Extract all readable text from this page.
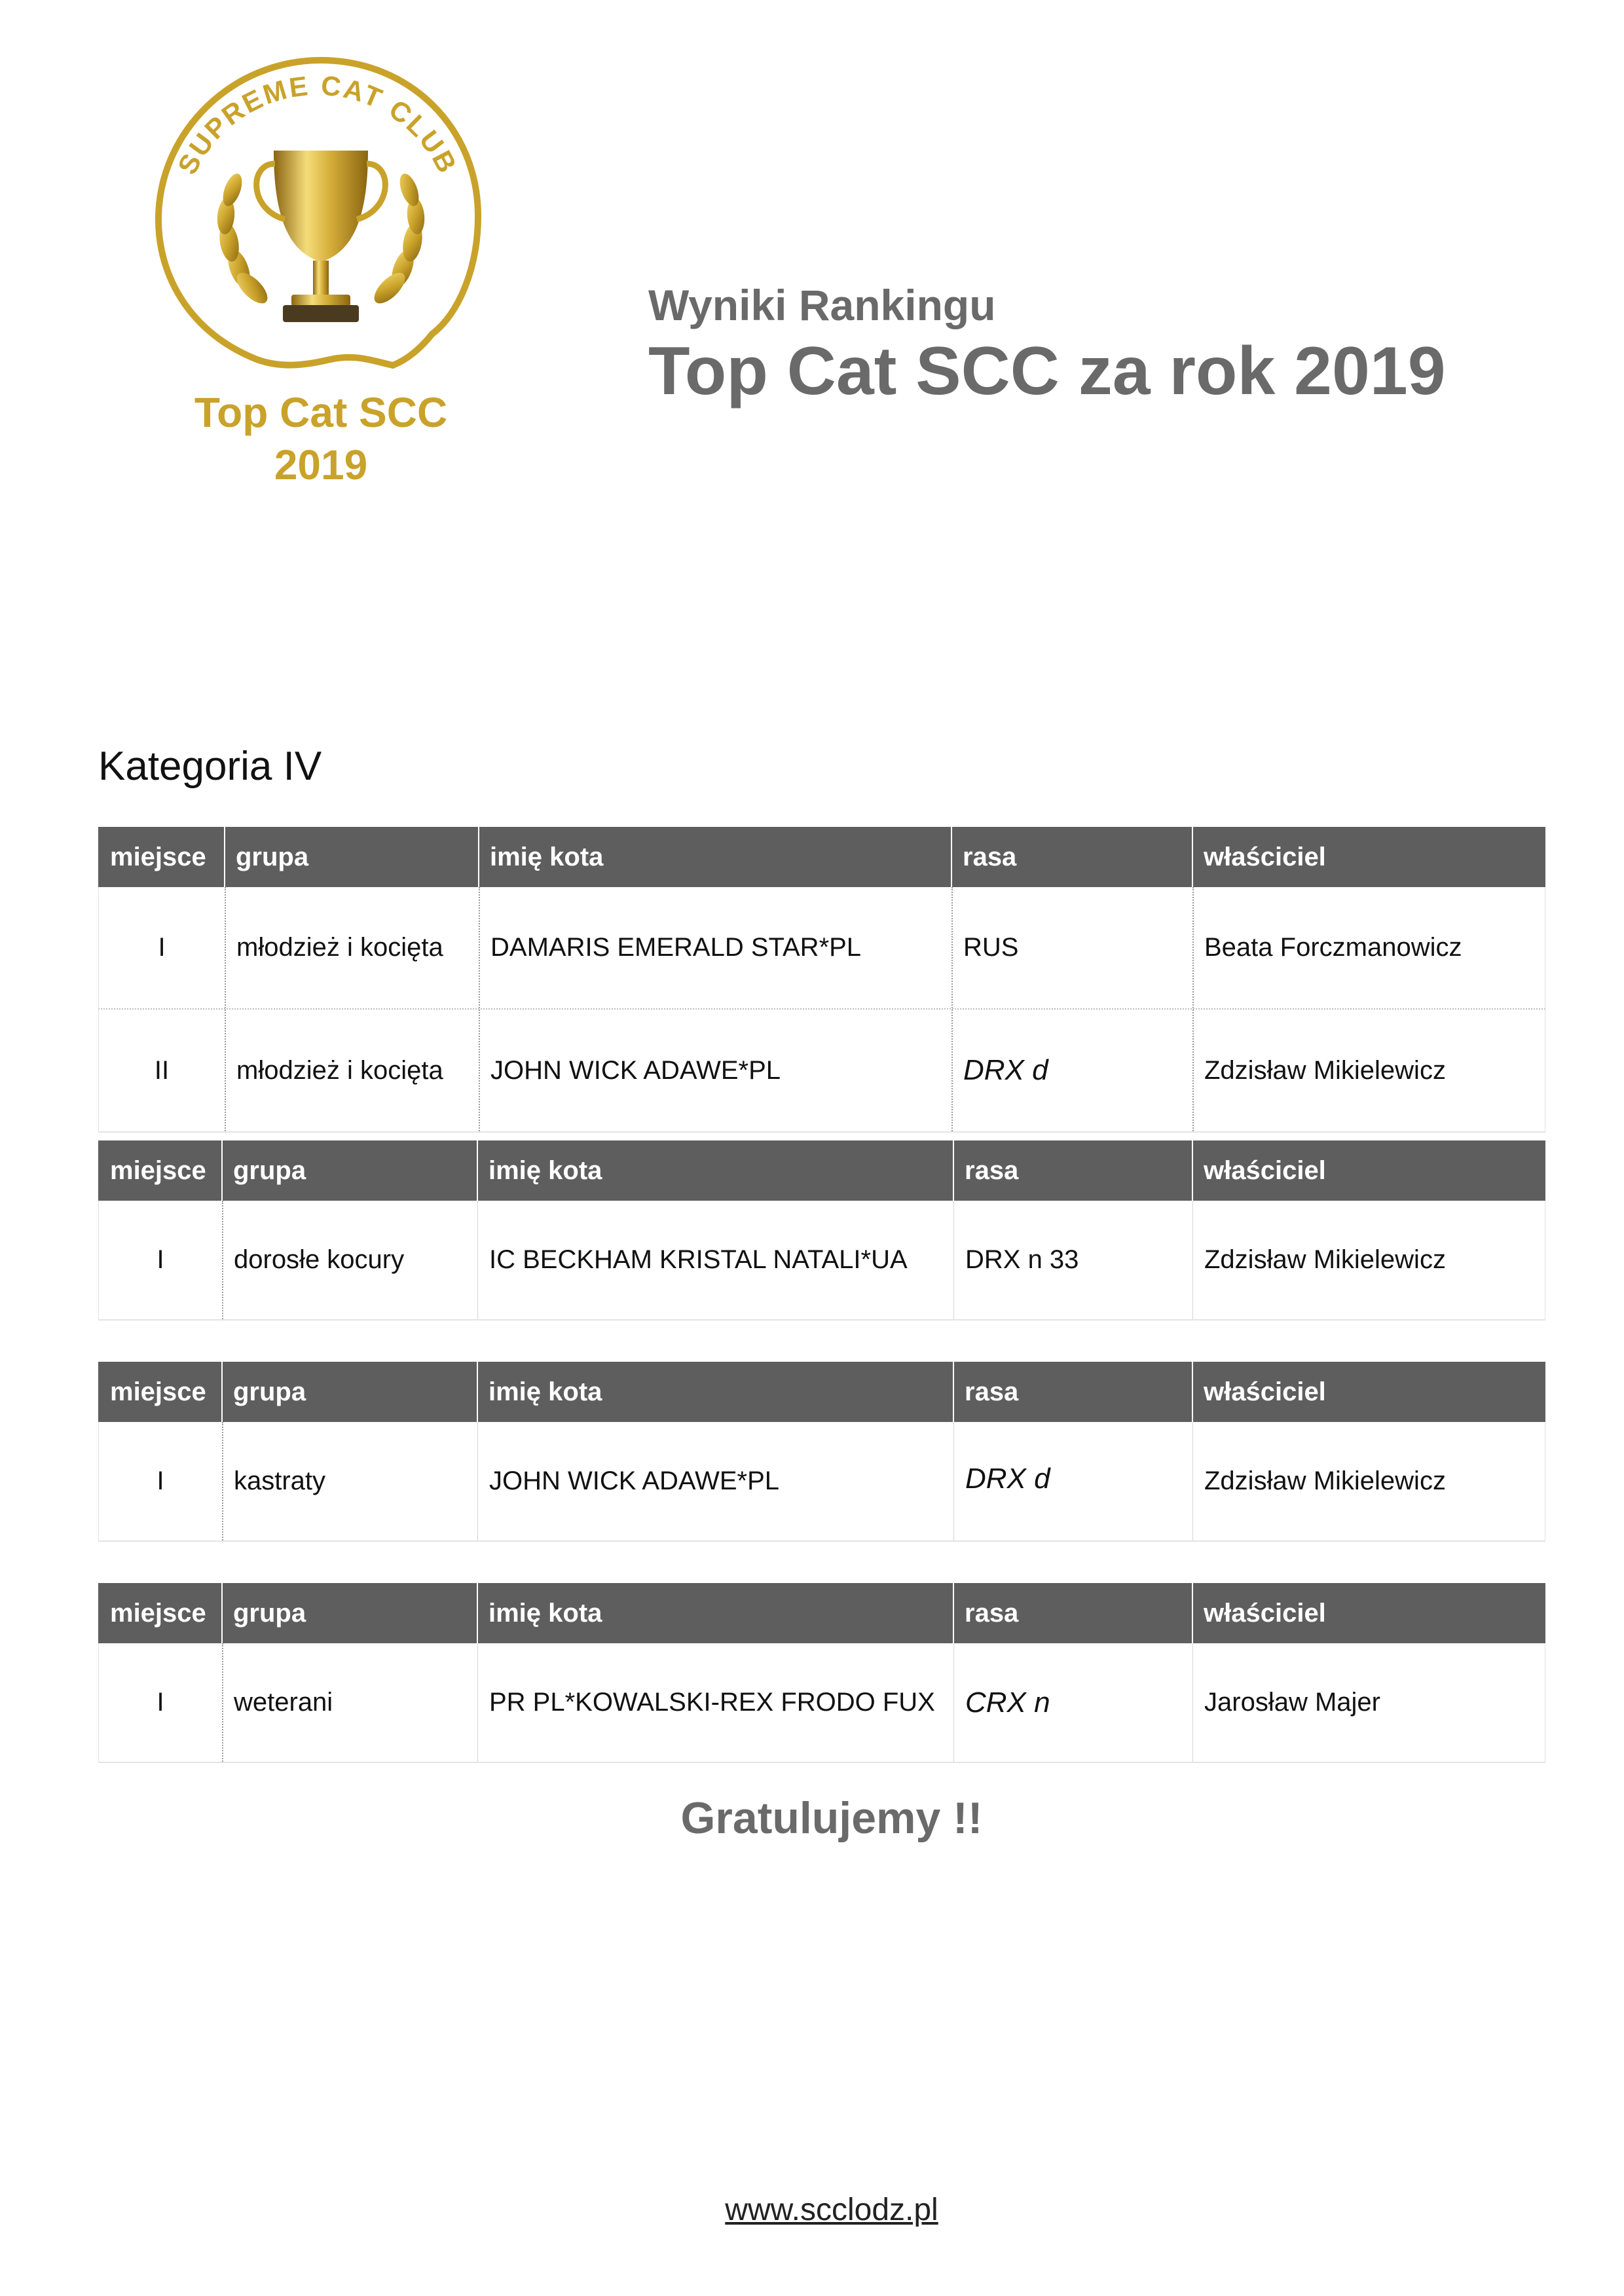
SUPREME CAT CLUB
Top Cat SCC
2019
Wyniki Rankingu
Top Cat SCC za rok 2019
Kategoria IV
miejsce	grupa	imię kota	rasa	właściciel
I	młodzież i kocięta	DAMARIS EMERALD STAR*PL	RUS	Beata Forczmanowicz
II	młodzież i kocięta	JOHN WICK ADAWE*PL	DRX d	Zdzisław Mikielewicz
miejsce	grupa	imię kota	rasa	właściciel
I	dorosłe kocury	IC BECKHAM KRISTAL NATALI*UA	DRX n 33	Zdzisław Mikielewicz
miejsce	grupa	imię kota	rasa	właściciel
I	kastraty	JOHN WICK ADAWE*PL	DRX d	Zdzisław Mikielewicz
miejsce	grupa	imię kota	rasa	właściciel
I	weterani	PR PL*KOWALSKI-REX FRODO FUX	CRX n	Jarosław Majer
Gratulujemy !!
www.scclodz.pl
